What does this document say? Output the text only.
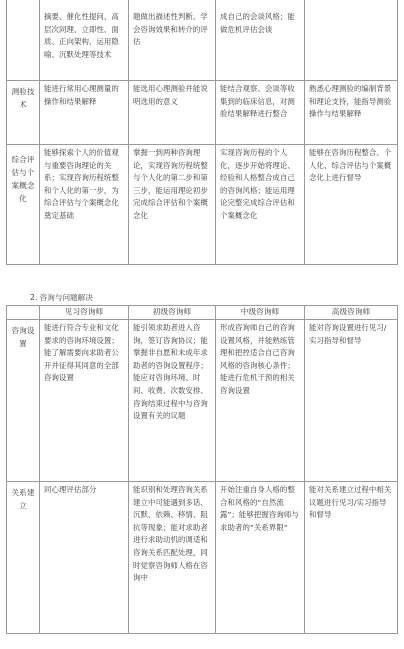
	摘要、催化性提问、高层次同理、立即性、面质、正向架构、运用隐喻、沉默处理等技术	题做出描述性判断。学会咨询效果和转介的评估	成自己的会谈风格；能做危机评估会谈	
测验技术	能进行常用心理测量的操作和结果解释	能选用心理测验并能说明选用的意义	能结合观察、会谈等收集到的临床信息，对测验结果解释进行整合	熟悉心理测验的编制背景和理论支持，能指导测验操作与结果解释
综合评估与个案概念化	能够探索个人的价值观与重要咨询理论的关系；实现咨询历程统整和个人化的第一步，为综合评估与个案概念化奠定基础	掌握一到两种咨询理论，实现咨询历程统整与个人化的第二步和第三步，能运用理论初步完成综合评估和个案概念化	实现咨询历程的个人化，逐步开始将理论、经验和人格整合成自己的咨询风格；能运用理论完整完成综合评估和个案概念化	能够在咨询历程整合、个人化、综合评估与个案概念化上进行督导

2. 咨询与问题解决

	见习咨询师	初级咨询师	中级咨询师	高级咨询师
咨询设置	能进行符合专业和文化要求的咨询环境设置；能了解需要向求助者公开并征得其同意的全部咨询设置	能引领求助者进入咨询，签订咨询协议；能掌握非自愿和未成年求助者的咨询设置程序；能应对咨询环境、时间、收费、次数安排、咨询结束过程中与咨询设置有关的议题	形成咨询师自己的咨询设置风格，并能熟练管理和把控适合自己咨询风格的咨询核心条件；能进行危机干预的相关咨询设置	能对咨询设置进行见习/实习指导和督导
关系建立	同心理评估部分	能识别和处理咨询关系建立中可能遇到多话、沉默、依赖、移情、阻抗等现象；能对求助者进行求助动机的调适和咨询关系匹配处理，同时觉察咨询师人格在咨询中	开始注重自身人格的整合和风格的“自然流露”；能够把握咨询师与求助者的“关系界限”	能对关系建立过程中相关议题进行见习/实习指导和督导
